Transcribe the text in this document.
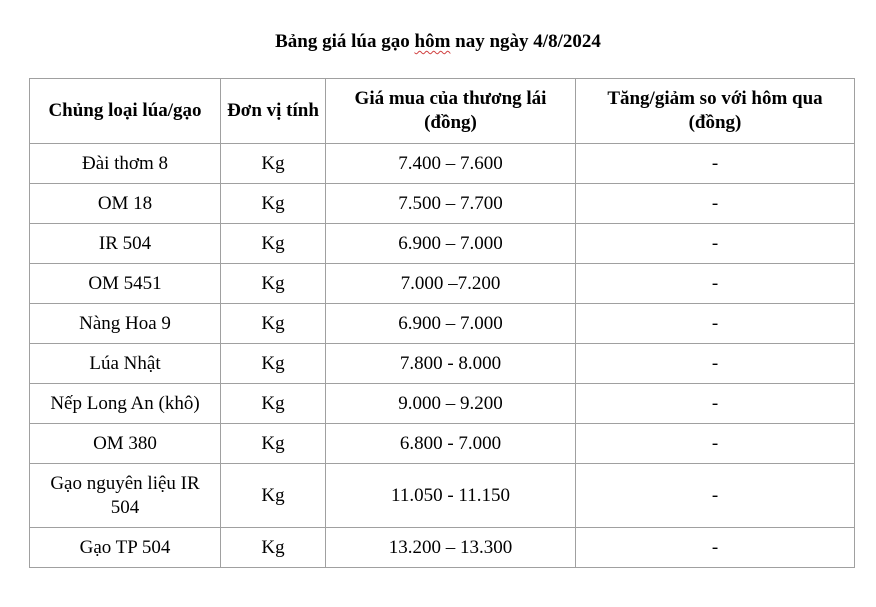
Bảng giá lúa gạo hôm nay ngày 4/8/2024
Chủng loại lúa/gạo	Đơn vị tính	Giá mua của thương lái (đồng)	Tăng/giảm so với hôm qua (đồng)
Đài thơm 8	Kg	7.400 – 7.600	-
OM 18	Kg	7.500 – 7.700	-
IR 504	Kg	6.900 – 7.000	-
OM 5451	Kg	7.000 –7.200	-
Nàng Hoa 9	Kg	6.900 – 7.000	-
Lúa Nhật	Kg	7.800 - 8.000	-
Nếp Long An (khô)	Kg	9.000 – 9.200	-
OM 380	Kg	6.800 - 7.000	-
Gạo nguyên liệu IR 504	Kg	11.050 - 11.150	-
Gạo TP 504	Kg	13.200 – 13.300	-
